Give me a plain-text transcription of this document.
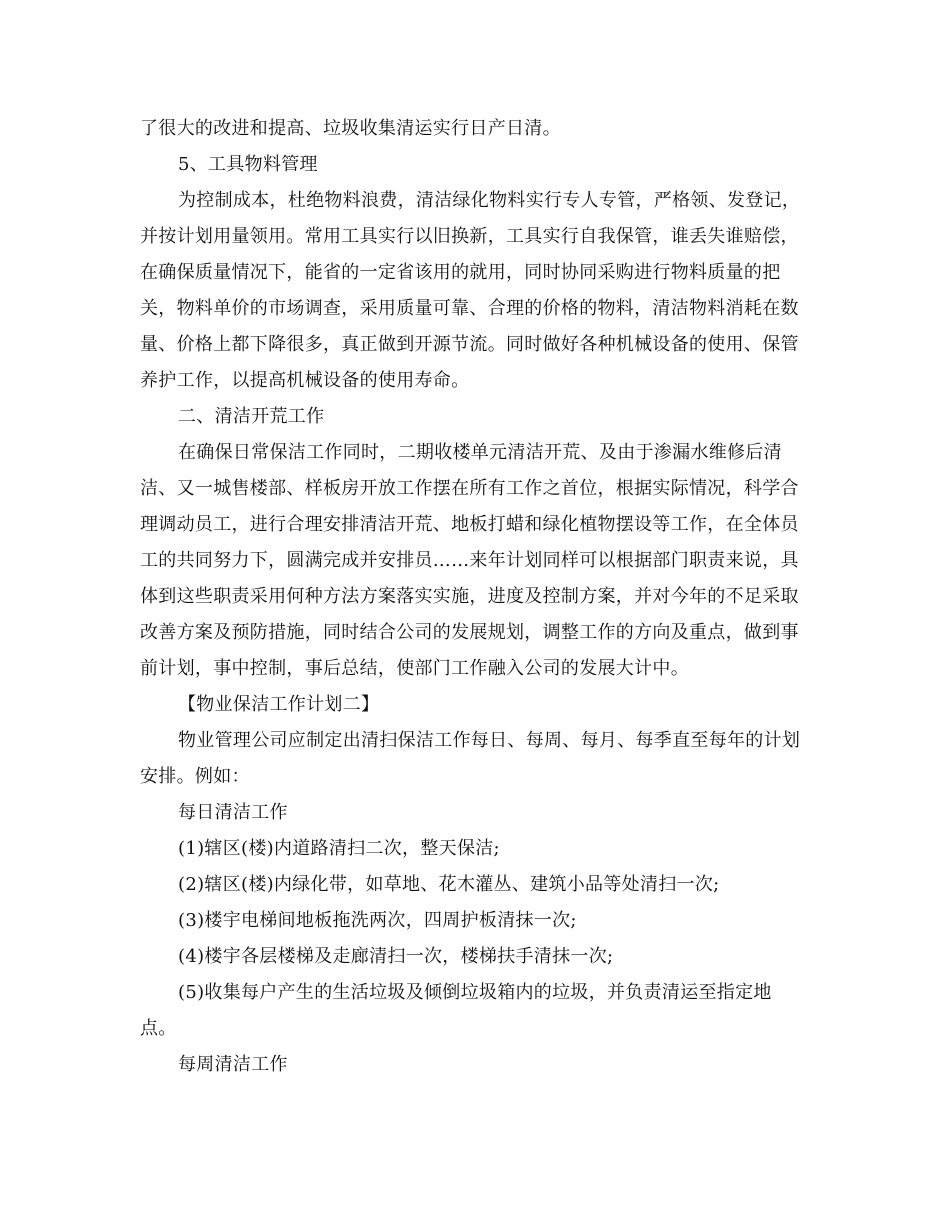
了很大的改进和提高、垃圾收集清运实行日产日清。
5、工具物料管理
为控制成本，杜绝物料浪费，清洁绿化物料实行专人专管，严格领、发登记，
并按计划用量领用。常用工具实行以旧换新，工具实行自我保管，谁丢失谁赔偿，
在确保质量情况下，能省的一定省该用的就用，同时协同采购进行物料质量的把
关，物料单价的市场调查，采用质量可靠、合理的价格的物料，清洁物料消耗在数
量、价格上都下降很多，真正做到开源节流。同时做好各种机械设备的使用、保管
养护工作，以提高机械设备的使用寿命。
二、清洁开荒工作
在确保日常保洁工作同时，二期收楼单元清洁开荒、及由于渗漏水维修后清
洁、又一城售楼部、样板房开放工作摆在所有工作之首位，根据实际情况，科学合
理调动员工，进行合理安排清洁开荒、地板打蜡和绿化植物摆设等工作，在全体员
工的共同努力下，圆满完成并安排员……来年计划同样可以根据部门职责来说，具
体到这些职责采用何种方法方案落实实施，进度及控制方案，并对今年的不足采取
改善方案及预防措施，同时结合公司的发展规划，调整工作的方向及重点，做到事
前计划，事中控制，事后总结，使部门工作融入公司的发展大计中。
【物业保洁工作计划二】
物业管理公司应制定出清扫保洁工作每日、每周、每月、每季直至每年的计划
安排。例如：
每日清洁工作
(1)辖区(楼)内道路清扫二次，整天保洁;
(2)辖区(楼)内绿化带，如草地、花木灌丛、建筑小品等处清扫一次;
(3)楼宇电梯间地板拖洗两次，四周护板清抹一次;
(4)楼宇各层楼梯及走廊清扫一次，楼梯扶手清抹一次;
(5)收集每户产生的生活垃圾及倾倒垃圾箱内的垃圾，并负责清运至指定地
点。
每周清洁工作
